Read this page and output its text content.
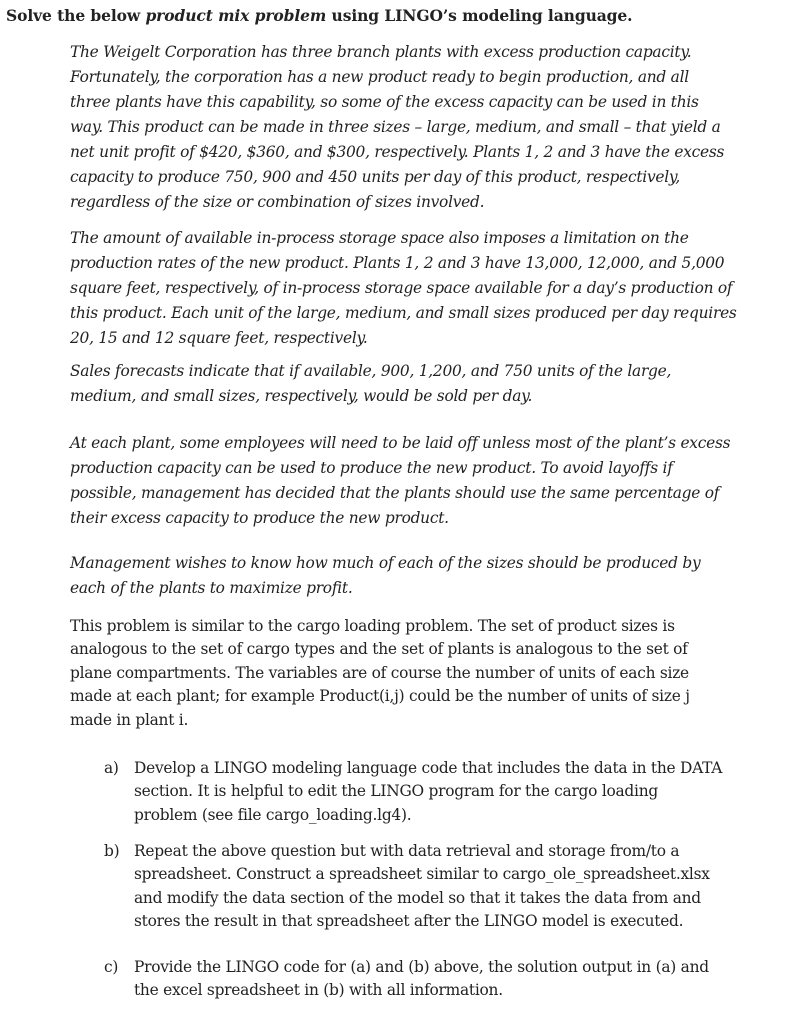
Solve the below product mix problem using LINGO’s modeling language.
The Weigelt Corporation has three branch plants with excess production capacity.
Fortunately, the corporation has a new product ready to begin production, and all
three plants have this capability, so some of the excess capacity can be used in this
way. This product can be made in three sizes – large, medium, and small – that yield a
net unit profit of $420, $360, and $300, respectively. Plants 1, 2 and 3 have the excess
capacity to produce 750, 900 and 450 units per day of this product, respectively,
regardless of the size or combination of sizes involved.
The amount of available in-process storage space also imposes a limitation on the
production rates of the new product. Plants 1, 2 and 3 have 13,000, 12,000, and 5,000
square feet, respectively, of in-process storage space available for a day’s production of
this product. Each unit of the large, medium, and small sizes produced per day requires
20, 15 and 12 square feet, respectively.
Sales forecasts indicate that if available, 900, 1,200, and 750 units of the large,
medium, and small sizes, respectively, would be sold per day.
At each plant, some employees will need to be laid off unless most of the plant’s excess
production capacity can be used to produce the new product. To avoid layoffs if
possible, management has decided that the plants should use the same percentage of
their excess capacity to produce the new product.
Management wishes to know how much of each of the sizes should be produced by
each of the plants to maximize profit.
This problem is similar to the cargo loading problem. The set of product sizes is
analogous to the set of cargo types and the set of plants is analogous to the set of
plane compartments. The variables are of course the number of units of each size
made at each plant; for example Product(i,j) could be the number of units of size j
made in plant i.
a) Develop a LINGO modeling language code that includes the data in the DATA
section. It is helpful to edit the LINGO program for the cargo loading
problem (see file cargo_loading.lg4).
b) Repeat the above question but with data retrieval and storage from/to a
spreadsheet. Construct a spreadsheet similar to cargo_ole_spreadsheet.xlsx
and modify the data section of the model so that it takes the data from and
stores the result in that spreadsheet after the LINGO model is executed.
c) Provide the LINGO code for (a) and (b) above, the solution output in (a) and
the excel spreadsheet in (b) with all information.
